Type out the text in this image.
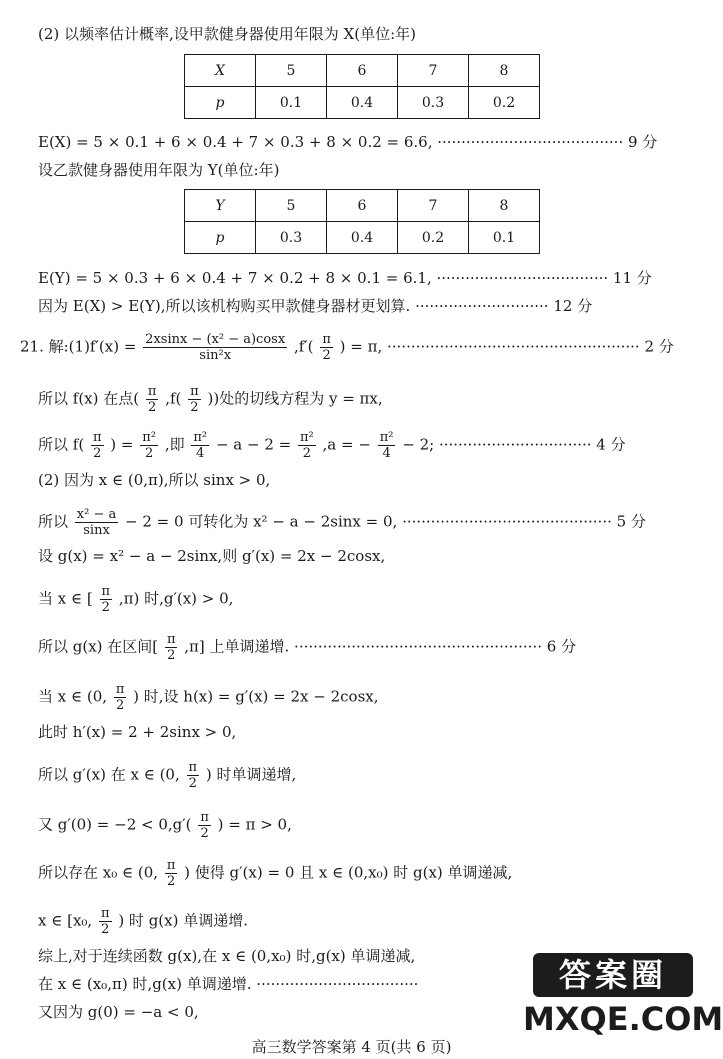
(2) 以频率估计概率,设甲款健身器使用年限为 X(单位:年)
X	5	6	7	8
p	0.1	0.4	0.3	0.2
E(X) = 5 × 0.1 + 6 × 0.4 + 7 × 0.3 + 8 × 0.2 = 6.6, ······································· 9 分
设乙款健身器使用年限为 Y(单位:年)
Y	5	6	7	8
p	0.3	0.4	0.2	0.1
E(Y) = 5 × 0.3 + 6 × 0.4 + 7 × 0.2 + 8 × 0.1 = 6.1, ···································· 11 分
因为 E(X) > E(Y),所以该机构购买甲款健身器材更划算. ···························· 12 分
21. 解:(1)f′(x) = $\frac{\text{2xsinx − (x² − a)cosx}}{\text{sin²x}} ,f'( \frac{\pi}{2}$ ) = π, ····················································· 2 分
所以 f(x) 在点( $\frac{\pi}{2} ,f( \frac{\pi}{2}$ ))处的切线方程为 y = πx,
所以 $f( \frac{\pi}{2}$ ) = $\frac{\text{π²}}{2}$ ,即 $\frac{\text{π²}}{4} - a - 2 = \frac{\text{π²}}{2} ,a$ = − $\frac{\text{π²}}{4} - 2$; ································ 4 分
(2) 因为 x ∈ (0,π),所以 sinx > 0,
所以 $\frac{\text{x² − a}}{\sin x} - 2 = 0$ 可转化为 x² − a − 2sinx = 0, ············································ 5 分
设 g(x) = x² − a − 2sinx,则 g′(x) = 2x − 2cosx,
当 x ∈ [ $\frac{\pi}{2} ,\pi$) 时,g′(x) > 0,
所以 g(x) 在区间[ $\frac{\pi}{2} ,\pi$] 上单调递增. ···················································· 6 分
当 x ∈ (0, $\frac{\pi}{2}$ ) 时,设 h(x) = g′(x) = 2x − 2cosx,
此时 h′(x) = 2 + 2sinx > 0,
所以 g′(x) 在 x ∈ (0, $\frac{\pi}{2}$ ) 时单调递增,
又 $g'(0) = -2 < 0,g'( \frac{\pi}{2}$ ) = π > 0,
所以存在 x₀ ∈ (0, $\frac{\pi}{2}$ ) 使得 g′(x) = 0 且 x ∈ (0,x₀) 时 g(x) 单调递减,
x ∈ [x₀, $\frac{\pi}{2}$ ) 时 g(x) 单调递增.
综上,对于连续函数 g(x),在 x ∈ (0,x₀) 时,g(x) 单调递减,
在 x ∈ (x₀,π) 时,g(x) 单调递增. ··································
又因为 g(0) = −a < 0,
答案圈
MXQE.COM
高三数学答案第 4 页(共 6 页)
